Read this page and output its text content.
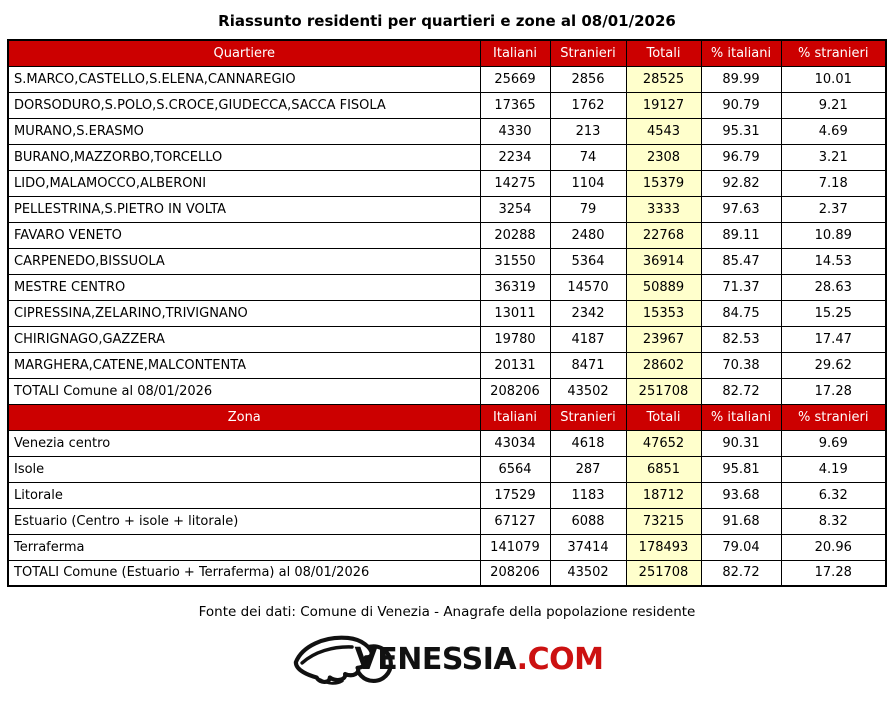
Riassunto residenti per quartieri e zone al 08/01/2026
Quartiere	Italiani	Stranieri	Totali	% italiani	% stranieri
S.MARCO,CASTELLO,S.ELENA,CANNAREGIO	25669	2856	28525	89.99	10.01
DORSODURO,S.POLO,S.CROCE,GIUDECCA,SACCA FISOLA	17365	1762	19127	90.79	9.21
MURANO,S.ERASMO	4330	213	4543	95.31	4.69
BURANO,MAZZORBO,TORCELLO	2234	74	2308	96.79	3.21
LIDO,MALAMOCCO,ALBERONI	14275	1104	15379	92.82	7.18
PELLESTRINA,S.PIETRO IN VOLTA	3254	79	3333	97.63	2.37
FAVARO VENETO	20288	2480	22768	89.11	10.89
CARPENEDO,BISSUOLA	31550	5364	36914	85.47	14.53
MESTRE CENTRO	36319	14570	50889	71.37	28.63
CIPRESSINA,ZELARINO,TRIVIGNANO	13011	2342	15353	84.75	15.25
CHIRIGNAGO,GAZZERA	19780	4187	23967	82.53	17.47
MARGHERA,CATENE,MALCONTENTA	20131	8471	28602	70.38	29.62
TOTALI Comune al 08/01/2026	208206	43502	251708	82.72	17.28
Zona	Italiani	Stranieri	Totali	% italiani	% stranieri
Venezia centro	43034	4618	47652	90.31	9.69
Isole	6564	287	6851	95.81	4.19
Litorale	17529	1183	18712	93.68	6.32
Estuario (Centro + isole + litorale)	67127	6088	73215	91.68	8.32
Terraferma	141079	37414	178493	79.04	20.96
TOTALI Comune (Estuario + Terraferma) al 08/01/2026	208206	43502	251708	82.72	17.28
Fonte dei dati: Comune di Venezia - Anagrafe della popolazione residente
VENESSIA.COM
